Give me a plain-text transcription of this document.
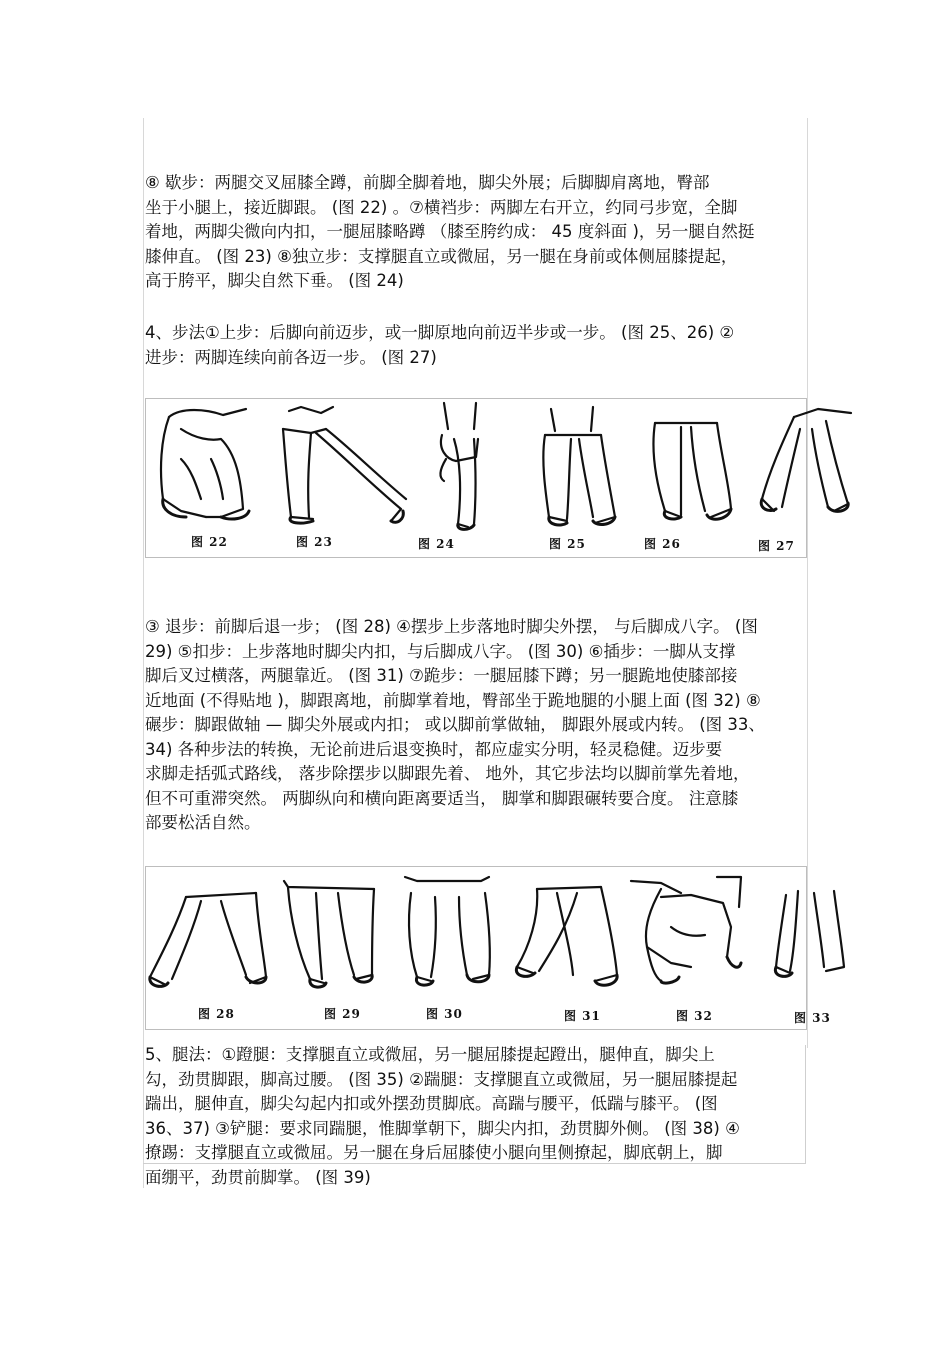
⑧ 歇步：两腿交叉屈膝全蹲，前脚全脚着地，脚尖外展；后脚脚肩离地，臀部
坐于小腿上，接近脚跟。 (图 22) 。⑦横裆步：两脚左右开立，约同弓步宽，全脚
着地，两脚尖微向内扣，一腿屈膝略蹲 （膝至胯约成： 45 度斜面 )，另一腿自然挺
膝伸直。 (图 23) ⑧独立步：支撑腿直立或微屈，另一腿在身前或体侧屈膝提起，
高于胯平，脚尖自然下垂。 (图 24)
4、步法①上步：后脚向前迈步，或一脚原地向前迈半步或一步。 (图 25、26) ②
进步：两脚连续向前各迈一步。 (图 27)
图 22	图 23	图 24	图 25	图 26	图 27
③ 退步：前脚后退一步； (图 28) ④摆步上步落地时脚尖外摆， 与后脚成八字。 (图
29) ⑤扣步：上步落地时脚尖内扣，与后脚成八字。 (图 30) ⑥插步：一脚从支撑
脚后叉过横落，两腿靠近。 (图 31) ⑦跪步：一腿屈膝下蹲；另一腿跪地使膝部接
近地面 (不得贴地 )，脚跟离地，前脚掌着地，臀部坐于跪地腿的小腿上面 (图 32) ⑧
碾步：脚跟做轴 — 脚尖外展或内扣； 或以脚前掌做轴， 脚跟外展或内转。 (图 33、
34) 各种步法的转换，无论前进后退变换时，都应虚实分明，轻灵稳健。迈步要
求脚走括弧式路线， 落步除摆步以脚跟先着、 地外，其它步法均以脚前掌先着地，
但不可重滞突然。 两脚纵向和横向距离要适当， 脚掌和脚跟碾转要合度。 注意膝
部要松活自然。
图 28	图 29	图 30	图 31	图 32	图 33
5、腿法：①蹬腿：支撑腿直立或微屈，另一腿屈膝提起蹬出，腿伸直，脚尖上
勾，劲贯脚跟，脚高过腰。 (图 35) ②踹腿：支撑腿直立或微屈，另一腿屈膝提起
踹出，腿伸直，脚尖勾起内扣或外摆劲贯脚底。高踹与腰平，低踹与膝平。 (图
36、37) ③铲腿：要求同踹腿，惟脚掌朝下，脚尖内扣，劲贯脚外侧。 (图 38) ④
撩踢：支撑腿直立或微屈。另一腿在身后屈膝使小腿向里侧撩起，脚底朝上，脚
面绷平，劲贯前脚掌。 (图 39)
